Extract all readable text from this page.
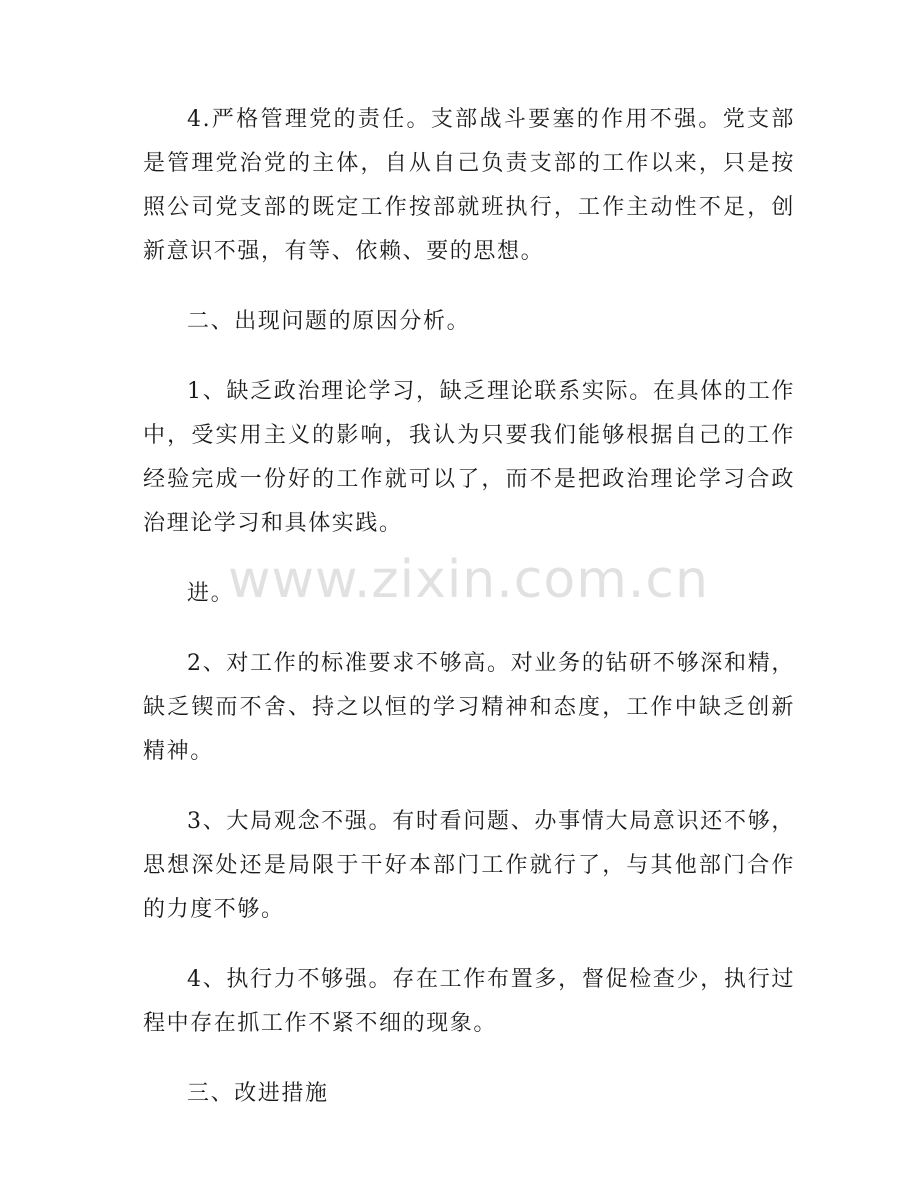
4.严格管理党的责任。支部战斗要塞的作用不强。党支部是管理党治党的主体，自从自己负责支部的工作以来，只是按照公司党支部的既定工作按部就班执行，工作主动性不足，创新意识不强，有等、依赖、要的思想。

二、出现问题的原因分析。

1、缺乏政治理论学习，缺乏理论联系实际。在具体的工作中，受实用主义的影响，我认为只要我们能够根据自己的工作经验完成一份好的工作就可以了，而不是把政治理论学习合政治理论学习和具体实践。

进。

2、对工作的标准要求不够高。对业务的钻研不够深和精，缺乏锲而不舍、持之以恒的学习精神和态度，工作中缺乏创新精神。

3、大局观念不强。有时看问题、办事情大局意识还不够，思想深处还是局限于干好本部门工作就行了，与其他部门合作的力度不够。

4、执行力不够强。存在工作布置多，督促检查少，执行过程中存在抓工作不紧不细的现象。

三、改进措施

www.zixin.com.cn
